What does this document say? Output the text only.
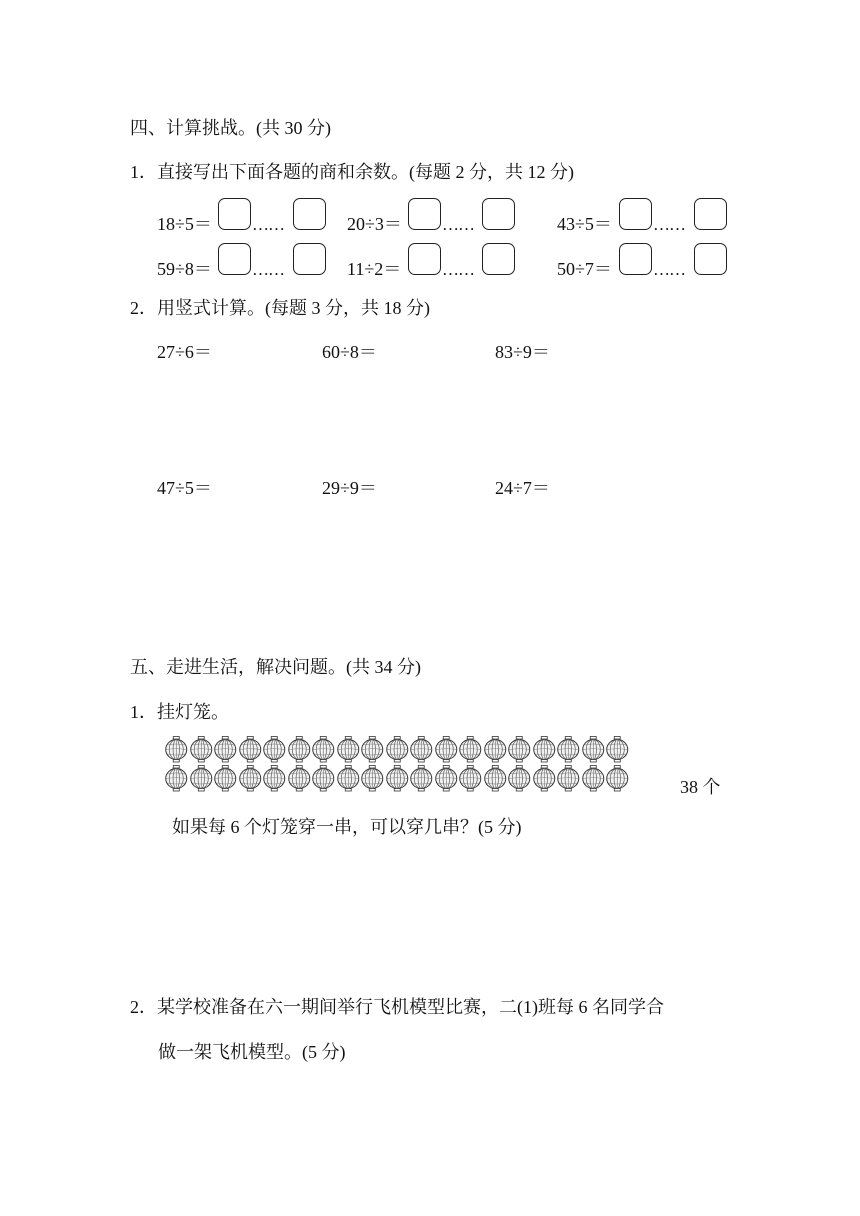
四、计算挑战。(共 30 分)
1．直接写出下面各题的商和余数。(每题 2 分，共 12 分)
18÷5＝ ……	20÷3＝ ……	43÷5＝ ……
59÷8＝ ……	11÷2＝ ……	50÷7＝ ……
2．用竖式计算。(每题 3 分，共 18 分)
27÷6＝	60÷8＝	83÷9＝
47÷5＝	29÷9＝	24÷7＝
五、走进生活，解决问题。(共 34 分)
1．挂灯笼。
38 个
如果每 6 个灯笼穿一串，可以穿几串？(5 分)
2．某学校准备在六一期间举行飞机模型比赛，二(1)班每 6 名同学合
做一架飞机模型。(5 分)
